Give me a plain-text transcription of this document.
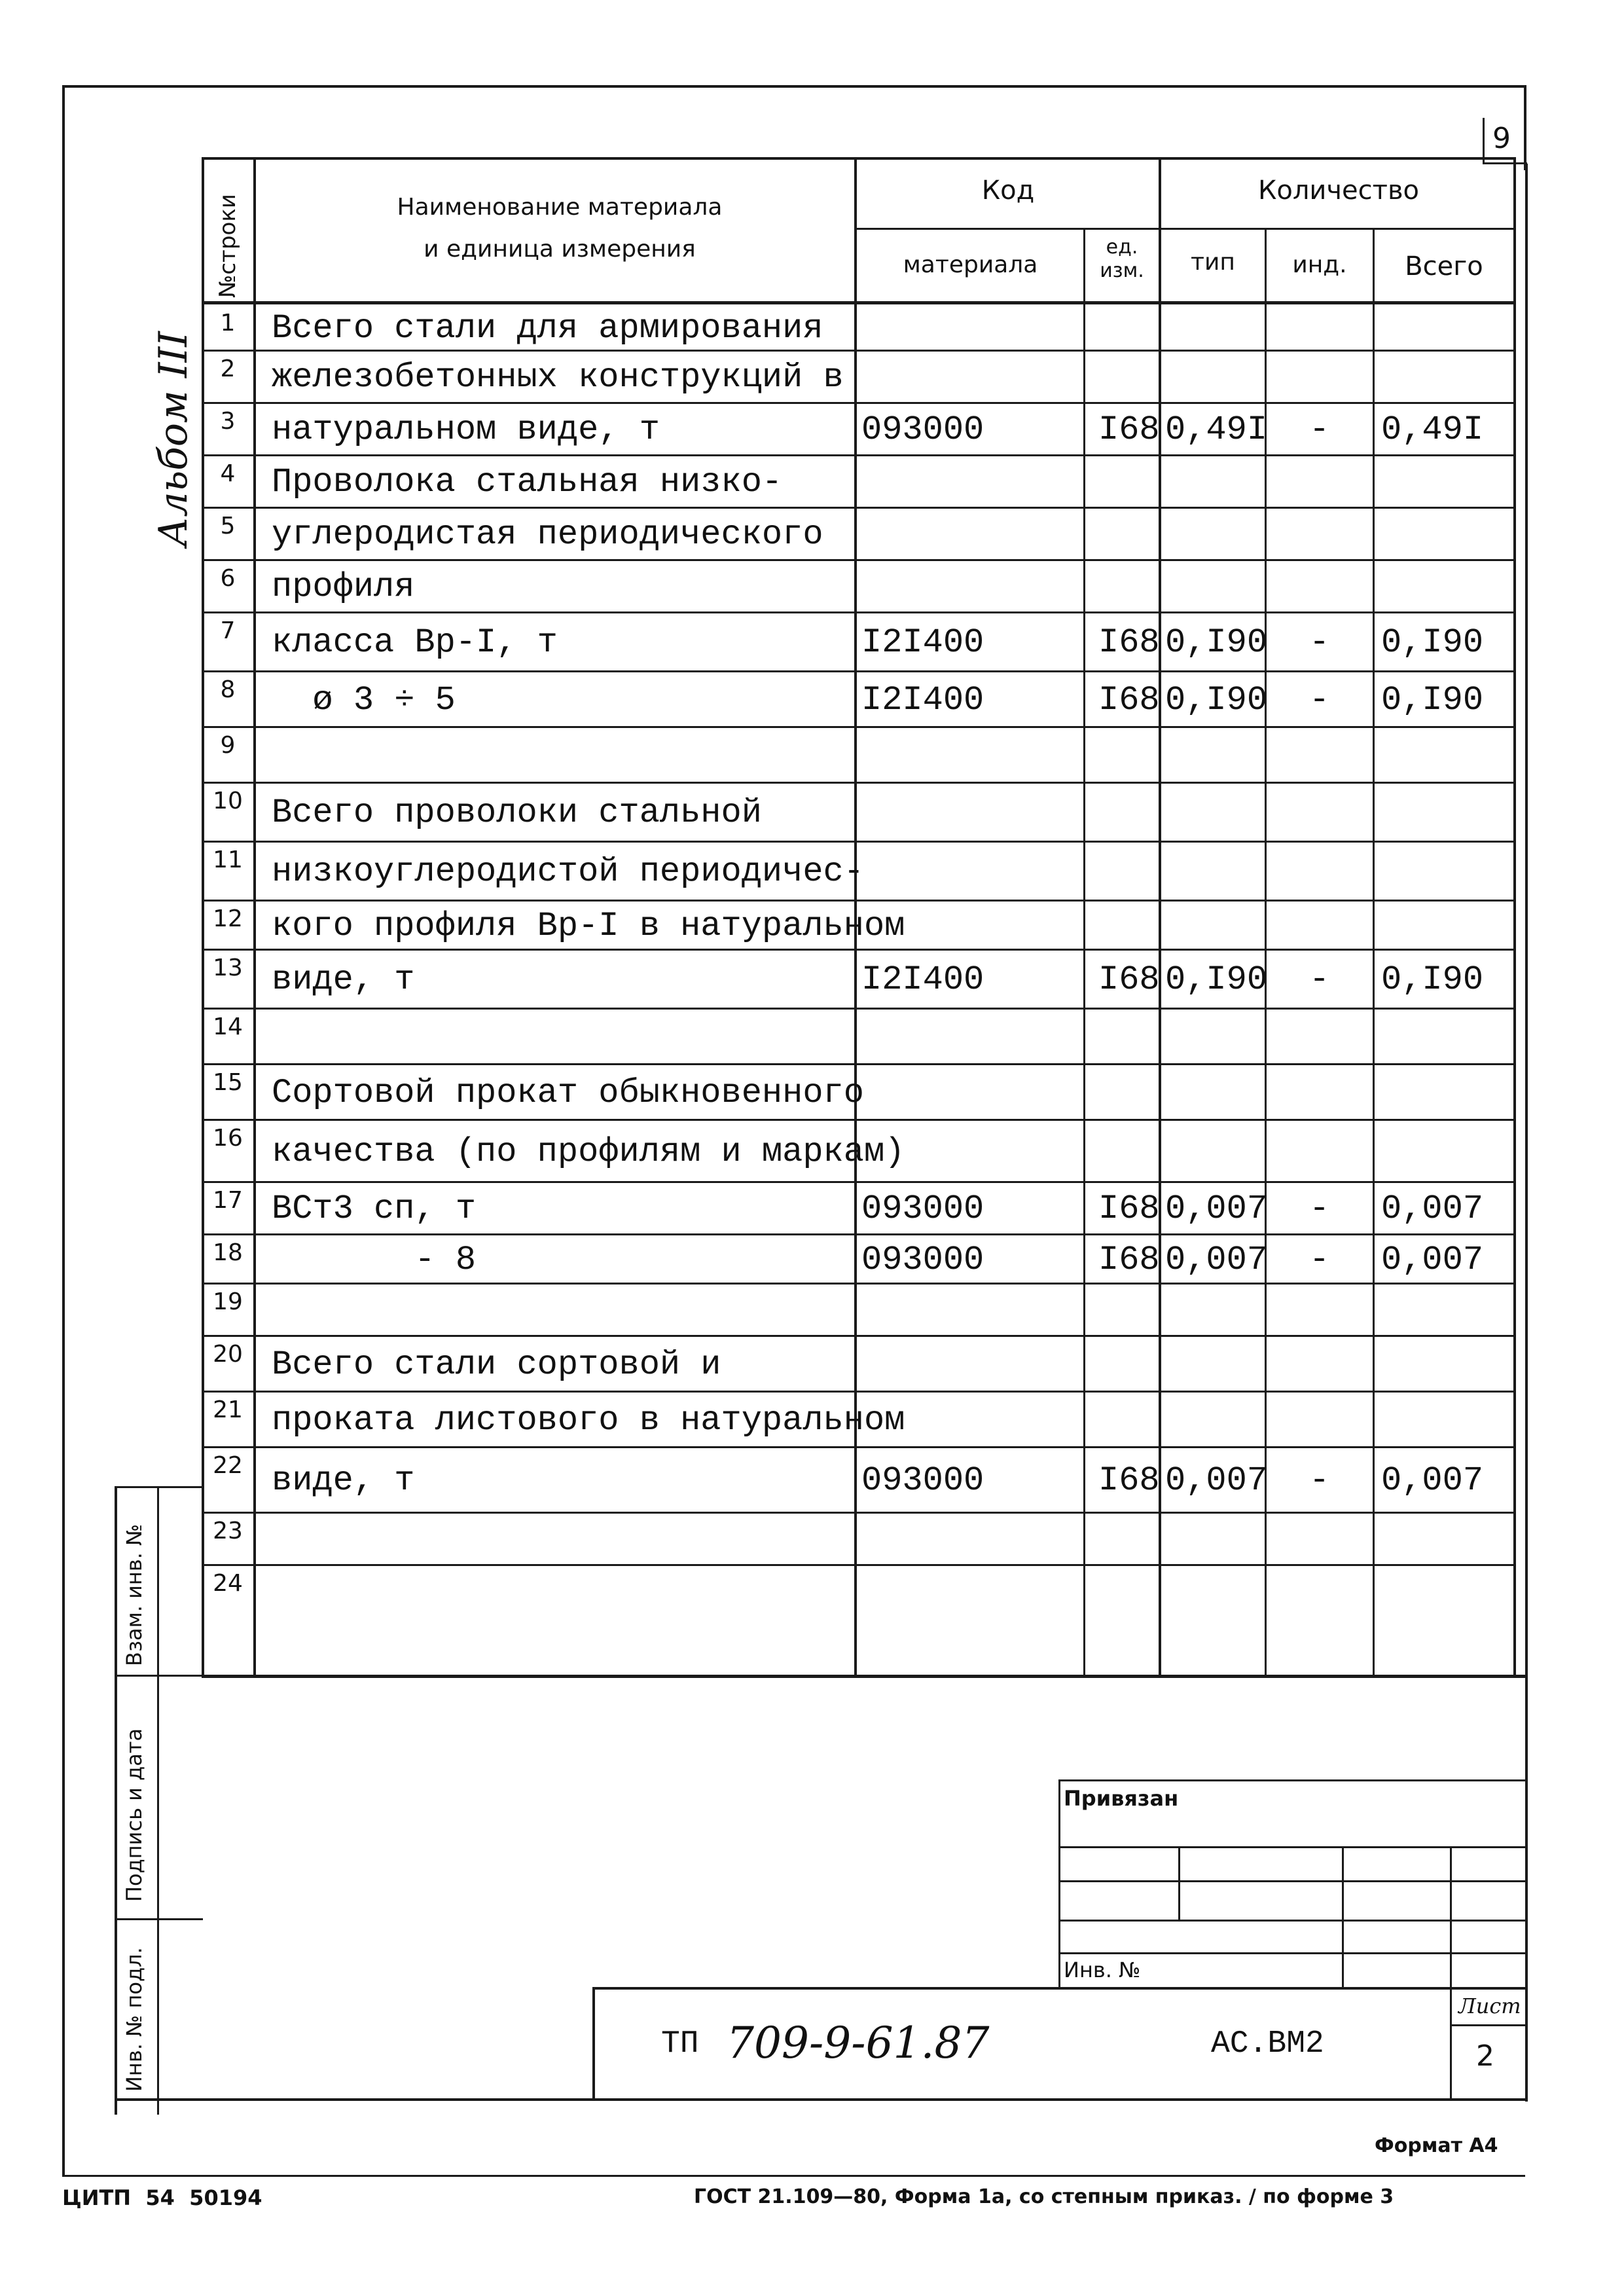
9
Альбом III
№строки	Наименование материала
и единица измерения
Код	Количество
материала
ед.
изм.	тип	инд.	Всего
1	Всего стали для армирования
2	железобетонных конструкций в
3	натуральном виде, т	093000	I68 0,49I - 0,49I
4	Проволока стальная низко-
5	углеродистая периодического
6	профиля
7	класса Вр-I, т	I2I400	I68 0,I90 - 0,I90
8	ø 3 ÷ 5	I2I400	I68 0,I90 - 0,I90
9
10 Всего проволоки стальной
11 низкоуглеродистой периодичес-
12 кого профиля Вр-I в натуральном
13 виде, т	I2I400	I68 0,I90 - 0,I90
14
15 Сортовой прокат обыкновенного
16 качества (по профилям и маркам)
17 ВСт3 сп, т	093000	I68 0,007 - 0,007
18 - 8	093000	I68 0,007 - 0,007
19
20 Всего стали сортовой и
21 проката листового в натуральном
22 виде, т	093000	I68 0,007 - 0,007
23
24
Взам. инв. №
Подпись и дата
Инв. № подл.
Привязан
Инв. №
Лист
2
ТП 709-9-61.87	АС.ВМ2
Формат А4
ЦИТП  54  50194	ГОСТ 21.109—80, Форма 1а, со степным приказ. / по форме 3
